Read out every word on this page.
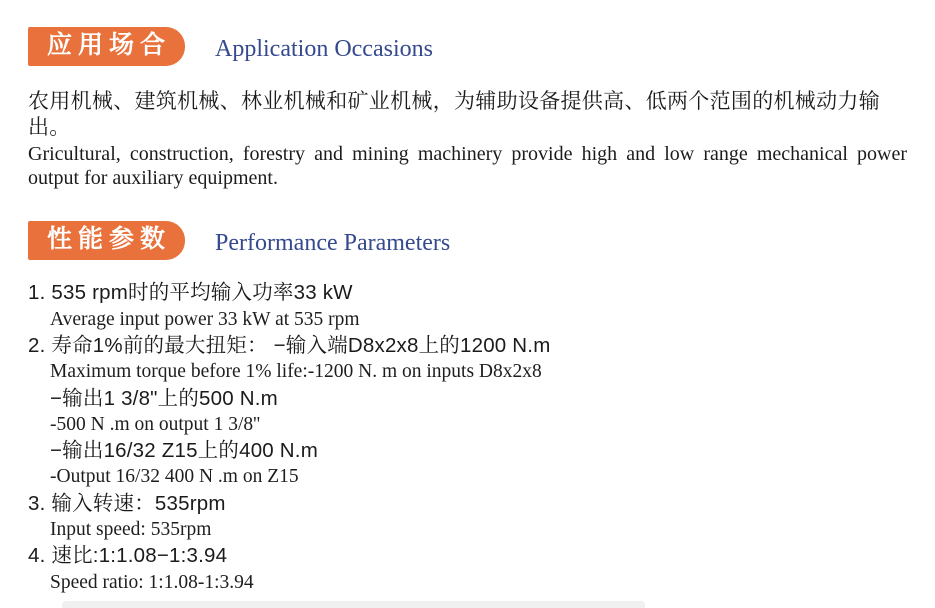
应用场合	Application Occasions

农用机械、建筑机械、林业机械和矿业机械，为辅助设备提供高、低两个范围的机械动力输出。

Gricultural, construction, forestry and mining machinery provide high and low range mechanical power output for auxiliary equipment.

性能参数	Performance Parameters
1. 535 rpm时的平均输入功率33 kW
Average input power 33 kW at 535 rpm
2. 寿命1%前的最大扭矩： −输入端D8x2x8上的1200 N.m
Maximum torque before 1% life:-1200 N. m on inputs D8x2x8
−输出1 3/8"上的500 N.m
-500 N .m on output 1 3/8''
−输出16/32 Z15上的400 N.m
-Output 16/32 400 N .m on Z15
3. 输入转速：535rpm
Input speed: 535rpm
4. 速比:1:1.08−1:3.94
Speed ratio: 1:1.08-1:3.94
